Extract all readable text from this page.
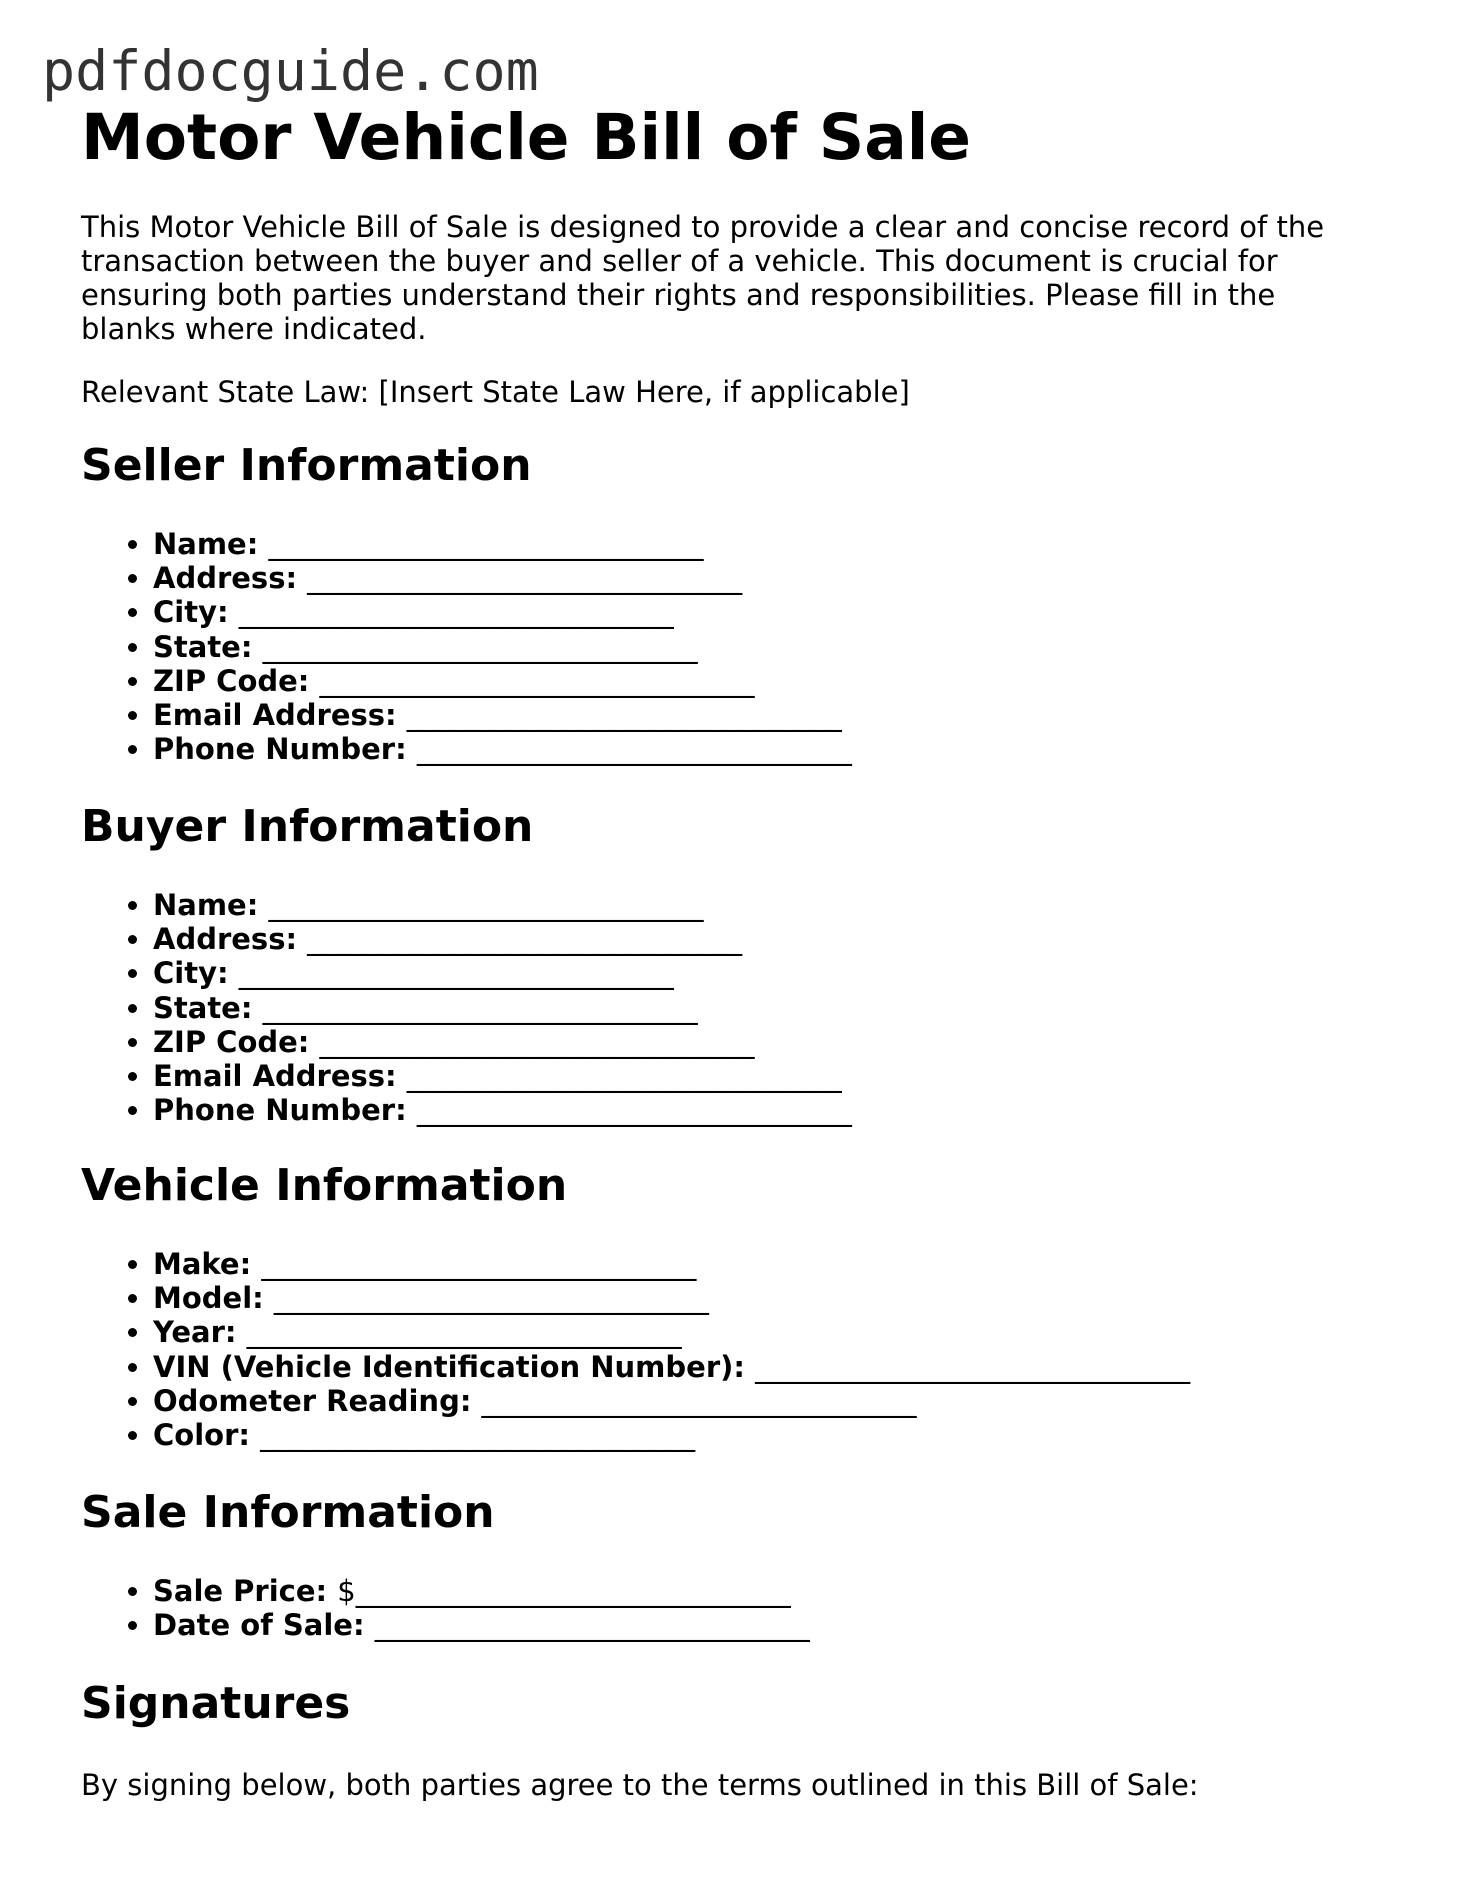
pdfdocguide.com
Motor Vehicle Bill of Sale

This Motor Vehicle Bill of Sale is designed to provide a clear and concise record of the transaction between the buyer and seller of a vehicle. This document is crucial for ensuring both parties understand their rights and responsibilities. Please fill in the blanks where indicated.

Relevant State Law: [Insert State Law Here, if applicable]

Seller Information
• Name: ______________________________
• Address: ______________________________
• City: ______________________________
• State: ______________________________
• ZIP Code: ______________________________
• Email Address: ______________________________
• Phone Number: ______________________________
Buyer Information
• Name: ______________________________
• Address: ______________________________
• City: ______________________________
• State: ______________________________
• ZIP Code: ______________________________
• Email Address: ______________________________
• Phone Number: ______________________________
Vehicle Information
• Make: ______________________________
• Model: ______________________________
• Year: ______________________________
• VIN (Vehicle Identification Number): ______________________________
• Odometer Reading: ______________________________
• Color: ______________________________
Sale Information
• Sale Price: $______________________________
• Date of Sale: ______________________________
Signatures

By signing below, both parties agree to the terms outlined in this Bill of Sale:
